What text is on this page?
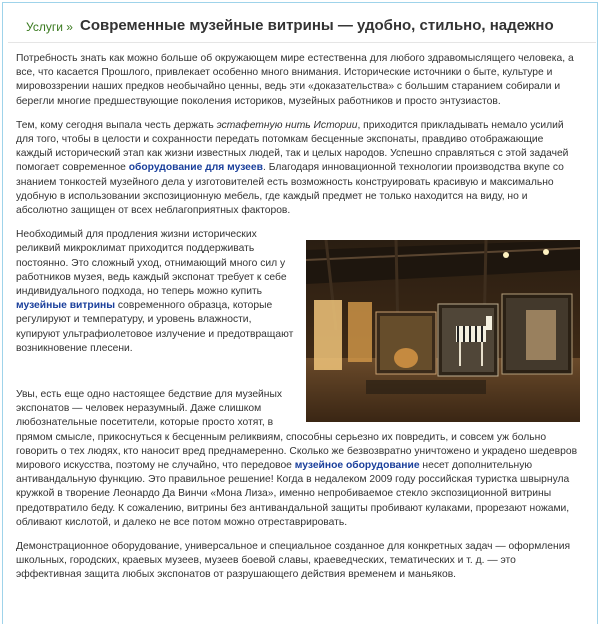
Услуги » Современные музейные витрины — удобно, стильно, надежно

Потребность знать как можно больше об окружающем мире естественна для любого здравомыслящего человека, а все, что касается Прошлого, привлекает особенно много внимания. Исторические источники о быте, культуре и мировоззрении наших предков необычайно ценны, ведь эти «доказательства» с большим старанием собирали и берегли многие предшествующие поколения историков, музейных работников и просто энтузиастов.

Тем, кому сегодня выпала честь держать эстафетную нить Истории, приходится прикладывать немало усилий для того, чтобы в целости и сохранности передать потомкам бесценные экспонаты, правдиво отображающие каждый исторический этап как жизни известных людей, так и целых народов. Успешно справляться с этой задачей помогает современное оборудование для музеев. Благодаря инновационной технологии производства вкупе со знанием тонкостей музейного дела у изготовителей есть возможность конструировать красивую и максимально удобную в использовании экспозиционную мебель, где каждый предмет не только находится на виду, но и абсолютно защищен от всех неблагоприятных факторов.

Необходимый для продления жизни исторических реликвий микроклимат приходится поддерживать постоянно. Это сложный уход, отнимающий много сил у работников музея, ведь каждый экспонат требует к себе индивидуального подхода, но теперь можно купить музейные витрины современного образца, которые регулируют и температуру, и уровень влажности, купируют ультрафиолетовое излучение и предотвращают возникновение плесени.

Увы, есть еще одно настоящее бедствие для музейных экспонатов — человек неразумный. Даже слишком любознательные посетители, которые просто хотят, в прямом смысле, прикоснуться к бесценным реликвиям, способны серьезно их повредить, и совсем уж больно говорить о тех людях, кто наносит вред преднамеренно. Сколько же безвозвратно уничтожено и украдено шедевров мирового искусства, поэтому не случайно, что передовое музейное оборудование несет дополнительную антивандальную функцию. Это правильное решение! Когда в недалеком 2009 году российская туристка швырнула кружкой в творение Леонардо Да Винчи «Мона Лиза», именно непробиваемое стекло экспозиционной витрины предотвратило беду. К сожалению, витрины без антивандальной защиты пробивают кулаками, прорезают ножами, обливают кислотой, и далеко не все потом можно отреставрировать.

Демонстрационное оборудование, универсальное и специальное созданное для конкретных задач — оформления школьных, городских, краевых музеев, музеев боевой славы, краеведческих, тематических и т. д. — это эффективная защита любых экспонатов от разрушающего действия временем и маньяков.
